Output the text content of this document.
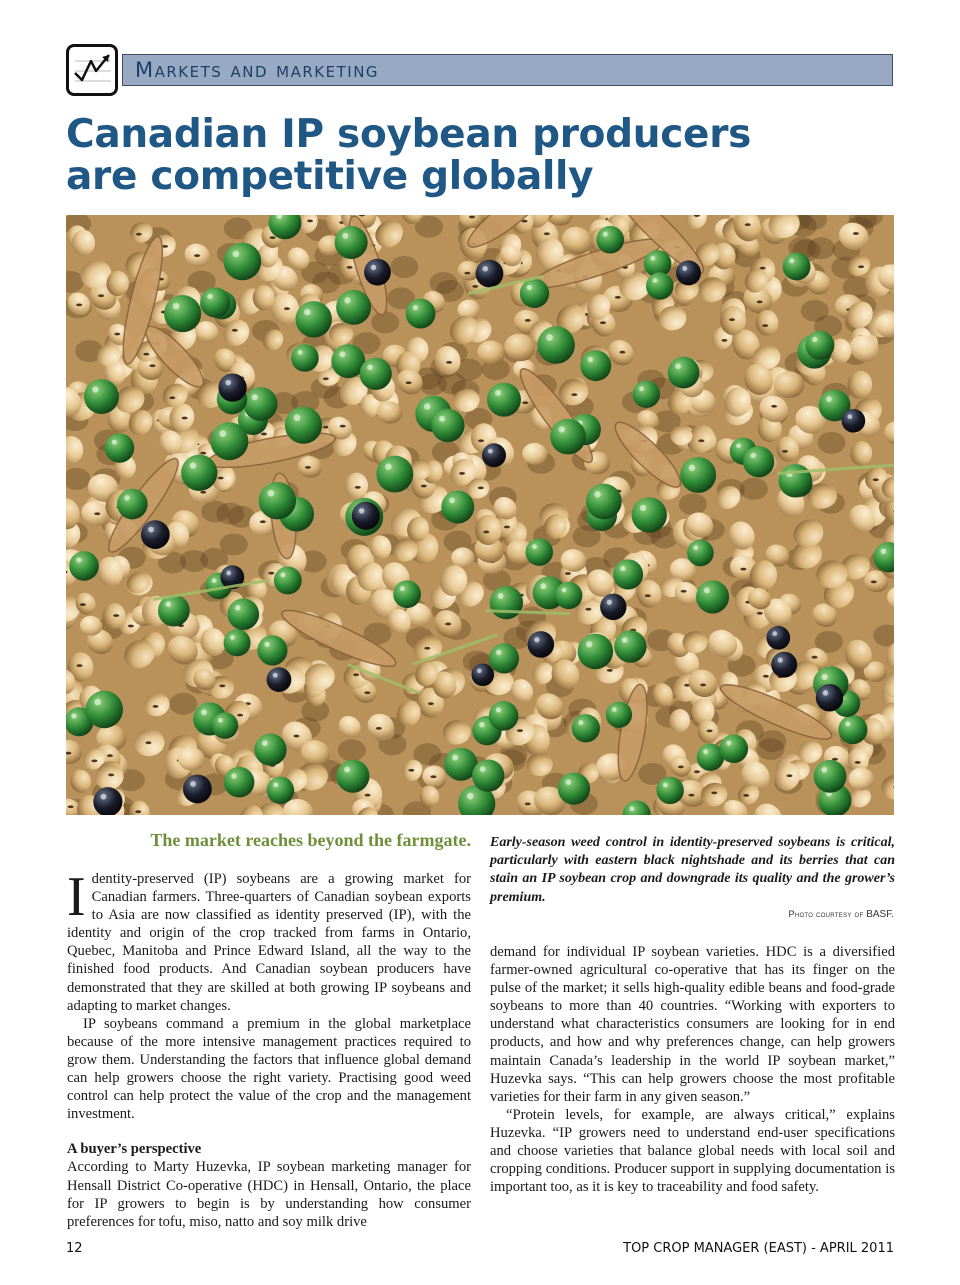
Markets and marketing
Canadian IP soybean producers
are competitive globally
The market reaches beyond the farmgate. Early-season weed control in identity-preserved soybeans is critical, particularly with eastern black nightshade and its berries that can stain an IP soybean crop and downgrade its quality and the grower’s premium.
Photo courtesy of BASF.

Identity-preserved (IP) soybeans are a growing market for Canadian farmers. Three-quarters of Canadian soybean exports to Asia are now classified as identity preserved (IP), with the identity and origin of the crop tracked from farms in Ontario, Quebec, Manitoba and Prince Edward Island, all the way to the finished food products. And Canadian soybean producers have demonstrated that they are skilled at both growing IP soybeans and adapting to market changes.

IP soybeans command a premium in the global marketplace because of the more intensive management practices required to grow them. Understanding the factors that influence global demand can help growers choose the right variety. Practising good weed control can help protect the value of the crop and the management investment.

A buyer’s perspective

According to Marty Huzevka, IP soybean marketing manager for Hensall District Co-operative (HDC) in Hensall, Ontario, the place for IP growers to begin is by understanding how consumer preferences for tofu, miso, natto and soy milk drive

demand for individual IP soybean varieties. HDC is a diversified farmer-owned agricultural co-operative that has its finger on the pulse of the market; it sells high-quality edible beans and food-grade soybeans to more than 40 countries. “Working with exporters to understand what characteristics consumers are looking for in end products, and how and why preferences change, can help growers maintain Canada’s leadership in the world IP soybean market,” Huzevka says. “This can help growers choose the most profitable varieties for their farm in any given season.”

“Protein levels, for example, are always critical,” explains Huzevka. “IP growers need to understand end-user specifications and choose varieties that balance global needs with local soil and cropping conditions. Producer support in supplying documentation is important too, as it is key to traceability and food safety.

12	TOP CROP MANAGER (EAST) - APRIL 2011
